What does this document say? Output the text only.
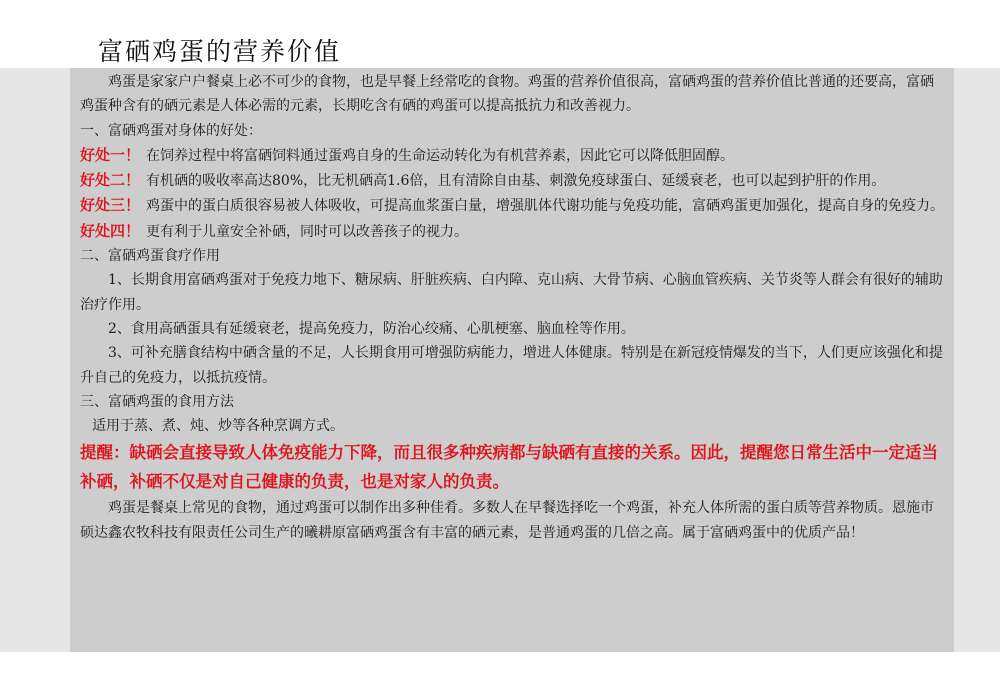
富硒鸡蛋的营养价值

鸡蛋是家家户户餐桌上必不可少的食物，也是早餐上经常吃的食物。鸡蛋的营养价值很高，富硒鸡蛋的营养价值比普通的还要高，富硒鸡蛋种含有的硒元素是人体必需的元素，长期吃含有硒的鸡蛋可以提高抵抗力和改善视力。

一、富硒鸡蛋对身体的好处：

好处一！ 在饲养过程中将富硒饲料通过蛋鸡自身的生命运动转化为有机营养素，因此它可以降低胆固醇。

好处二！ 有机硒的吸收率高达80%，比无机硒高1.6倍，且有清除自由基、刺激免疫球蛋白、延缓衰老，也可以起到护肝的作用。

好处三！ 鸡蛋中的蛋白质很容易被人体吸收，可提高血浆蛋白量，增强肌体代谢功能与免疫功能，富硒鸡蛋更加强化，提高自身的免疫力。

好处四！ 更有利于儿童安全补硒，同时可以改善孩子的视力。

二、富硒鸡蛋食疗作用

1、长期食用富硒鸡蛋对于免疫力地下、糖尿病、肝脏疾病、白内障、克山病、大骨节病、心脑血管疾病、关节炎等人群会有很好的辅助治疗作用。

2、食用高硒蛋具有延缓衰老，提高免疫力，防治心绞痛、心肌梗塞、脑血栓等作用。

3、可补充膳食结构中硒含量的不足，人长期食用可增强防病能力，增进人体健康。特别是在新冠疫情爆发的当下，人们更应该强化和提升自己的免疫力，以抵抗疫情。

三、富硒鸡蛋的食用方法

适用于蒸、煮、炖、炒等各种烹调方式。

提醒：缺硒会直接导致人体免疫能力下降，而且很多种疾病都与缺硒有直接的关系。因此，提醒您日常生活中一定适当补硒，补硒不仅是对自己健康的负责，也是对家人的负责。

鸡蛋是餐桌上常见的食物，通过鸡蛋可以制作出多种佳肴。多数人在早餐选择吃一个鸡蛋，补充人体所需的蛋白质等营养物质。恩施市硕达鑫农牧科技有限责任公司生产的曦耕原富硒鸡蛋含有丰富的硒元素，是普通鸡蛋的几倍之高。属于富硒鸡蛋中的优质产品！
